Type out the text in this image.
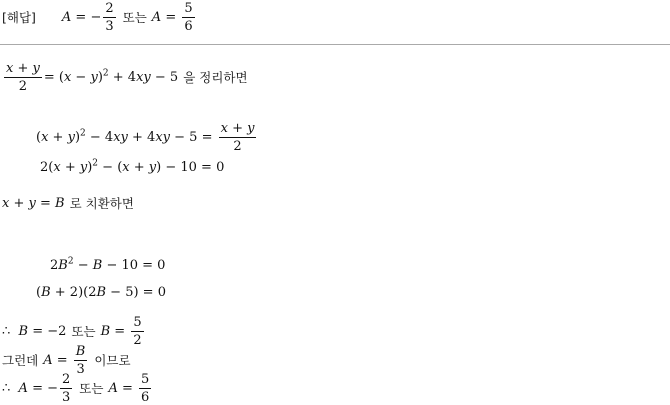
[해답] A = − $\frac{2}{3}$ 또는 $A = \frac{5}{6}$
$\frac{x + y}{2} = (x - y)^2 + 4xy - 5$ 을 정리하면
$(x + y)^2 - 4xy + 4xy - 5 = \frac{x + y}{2}$
$2(x + y)^2 - (x + y) - 10 = 0$
x + y = B 로 치환하면
$2B^2 - B - 10 = 0$
(B + 2)(2B − 5) = 0
∴  B = −2 또는 $B = \frac{5}{2}$
그런데 $A = \frac{B}{3}$ 이므로
∴  A = − $\frac{2}{3}$ 또는 $A = \frac{5}{6}$
